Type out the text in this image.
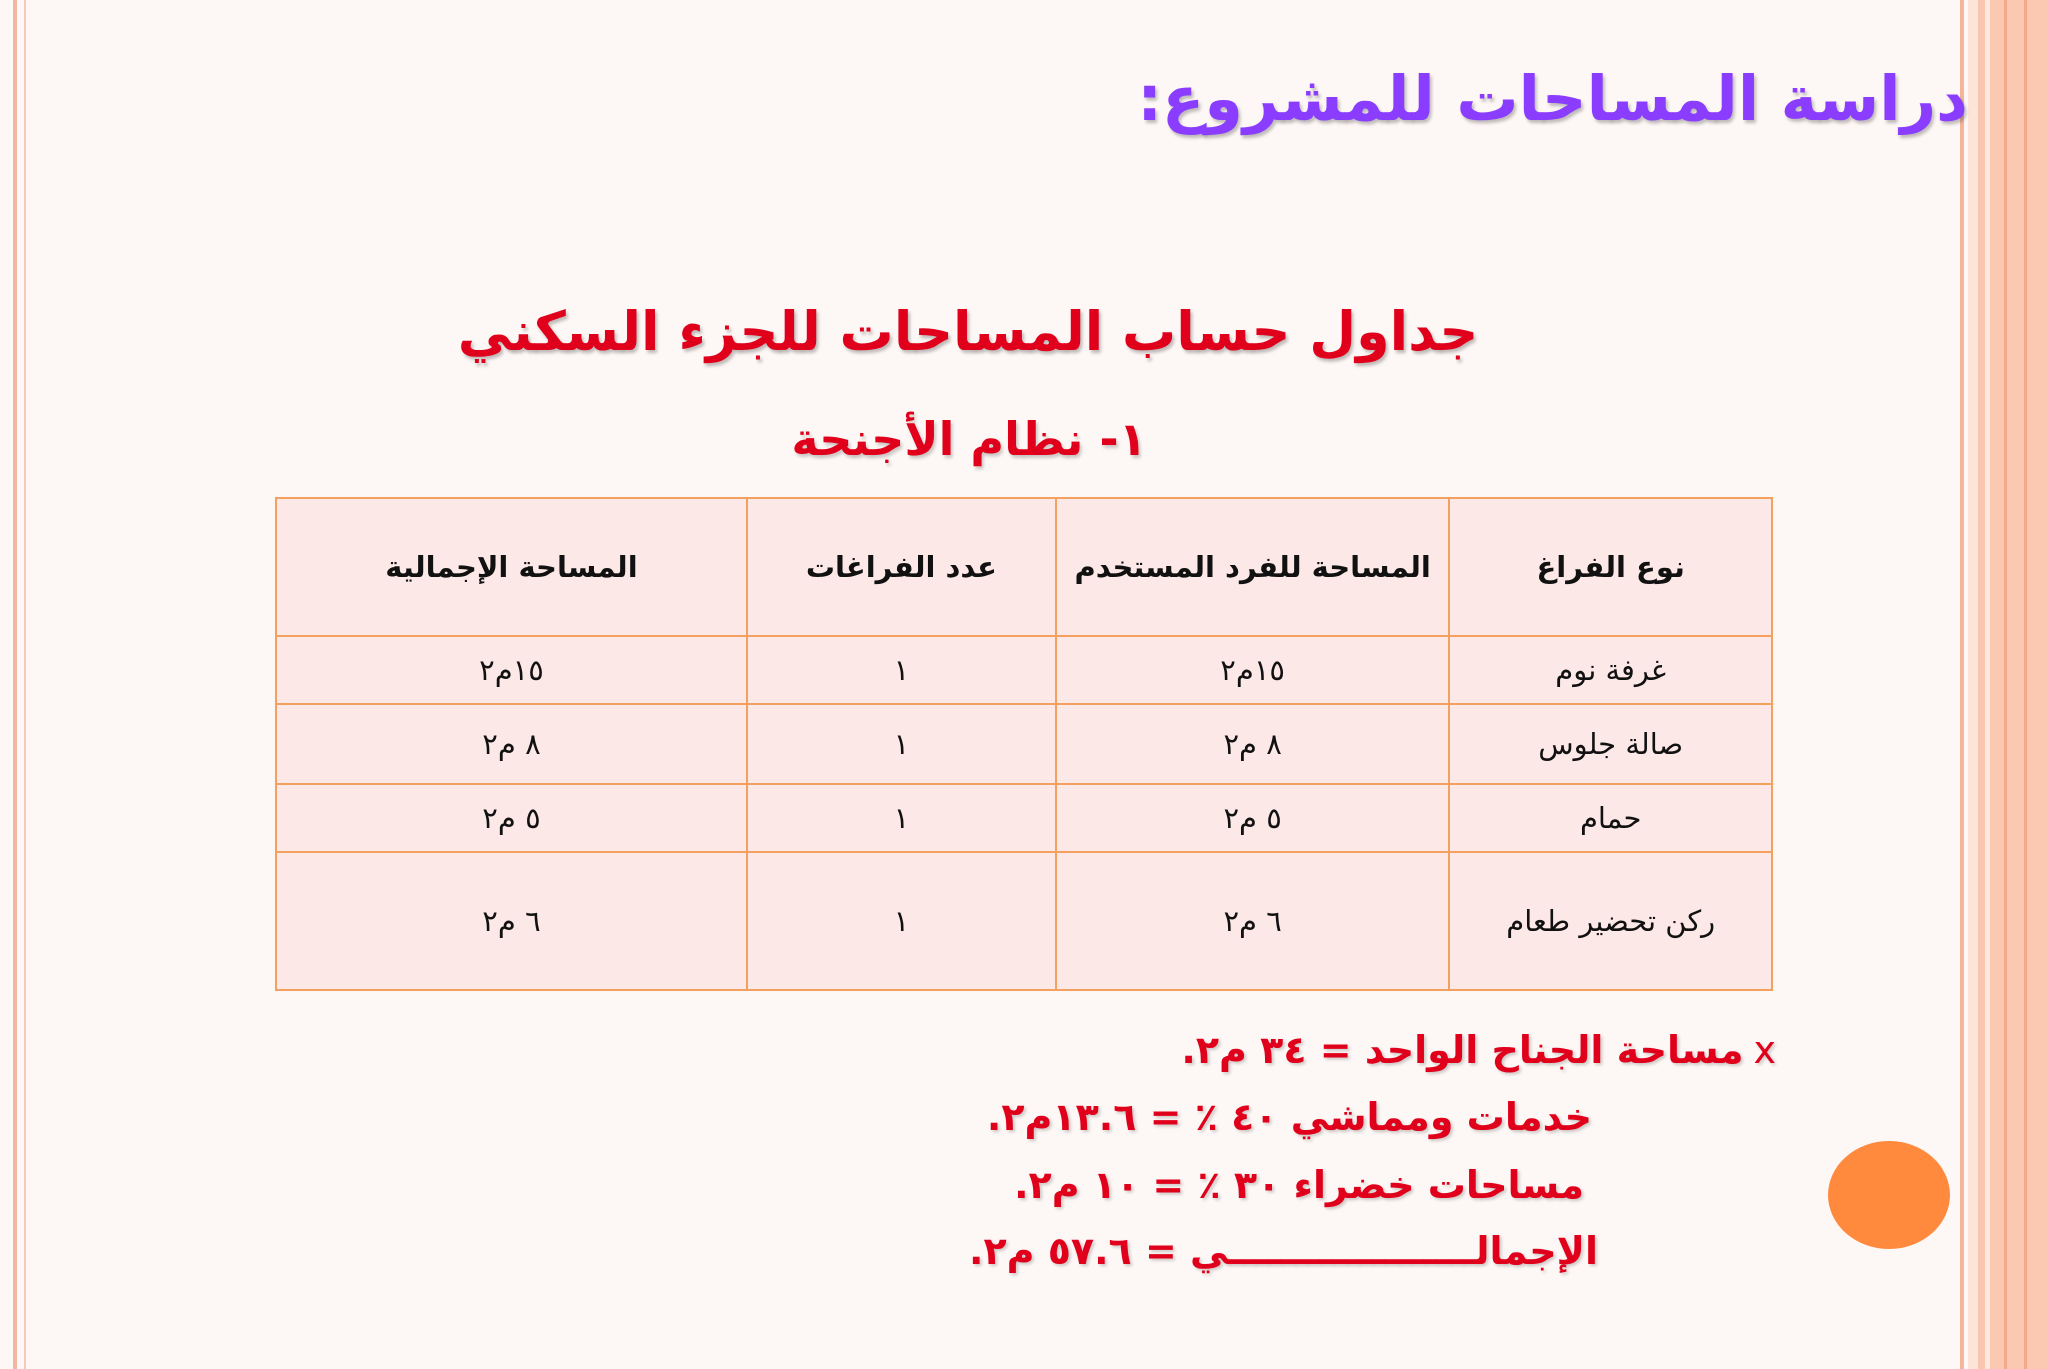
دراسة المساحات للمشروع:
جداول حساب المساحات للجزء السكني
١- نظام الأجنحة
نوع الفراغ	المساحة للفرد المستخدم	عدد الفراغات	المساحة الإجمالية
غرفة نوم	١٥م٢	١	١٥م٢
صالة جلوس	٨ م٢	١	٨ م٢
حمام	٥ م٢	١	٥ م٢
ركن تحضير طعام	٦ م٢	١	٦ م٢
xمساحة الجناح الواحد = ٣٤ م٢.
خدمات ومماشي ٤٠ ٪ = ١٣.٦م٢.
مساحات خضراء ٣٠ ٪ = ١٠ م٢.
الإجمالـــــــــــــــــــي = ٥٧.٦ م٢.
